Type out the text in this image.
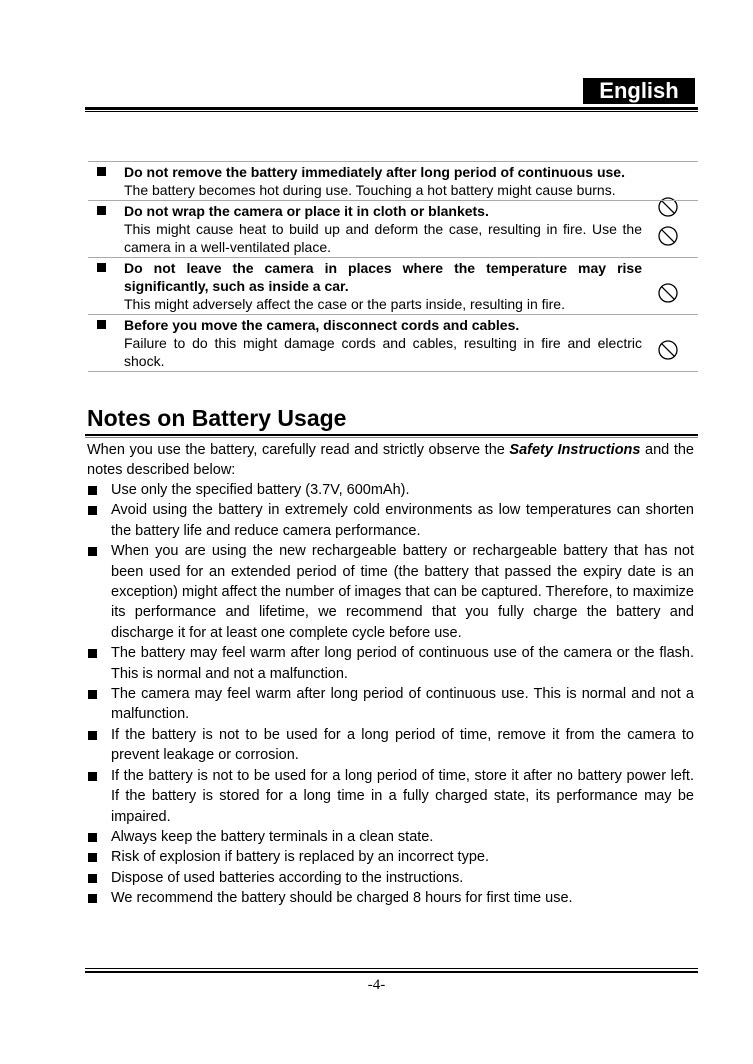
English
Do not remove the battery immediately after long period of continuous use.
The battery becomes hot during use. Touching a hot battery might cause burns.
Do not wrap the camera or place it in cloth or blankets.
This might cause heat to build up and deform the case, resulting in fire. Use the camera in a well-ventilated place.
Do not leave the camera in places where the temperature may rise significantly, such as inside a car.
This might adversely affect the case or the parts inside, resulting in fire.
Before you move the camera, disconnect cords and cables.
Failure to do this might damage cords and cables, resulting in fire and electric shock.
Notes on Battery Usage
When you use the battery, carefully read and strictly observe the Safety Instructions and the notes described below:
Use only the specified battery (3.7V, 600mAh).
Avoid using the battery in extremely cold environments as low temperatures can shorten the battery life and reduce camera performance.
When you are using the new rechargeable battery or rechargeable battery that has not been used for an extended period of time (the battery that passed the expiry date is an exception) might affect the number of images that can be captured. Therefore, to maximize its performance and lifetime, we recommend that you fully charge the battery and discharge it for at least one complete cycle before use.
The battery may feel warm after long period of continuous use of the camera or the flash. This is normal and not a malfunction.
The camera may feel warm after long period of continuous use. This is normal and not a malfunction.
If the battery is not to be used for a long period of time, remove it from the camera to prevent leakage or corrosion.
If the battery is not to be used for a long period of time, store it after no battery power left. If the battery is stored for a long time in a fully charged state, its performance may be impaired.
Always keep the battery terminals in a clean state.
Risk of explosion if battery is replaced by an incorrect type.
Dispose of used batteries according to the instructions.
We recommend the battery should be charged 8 hours for first time use.
-4-
